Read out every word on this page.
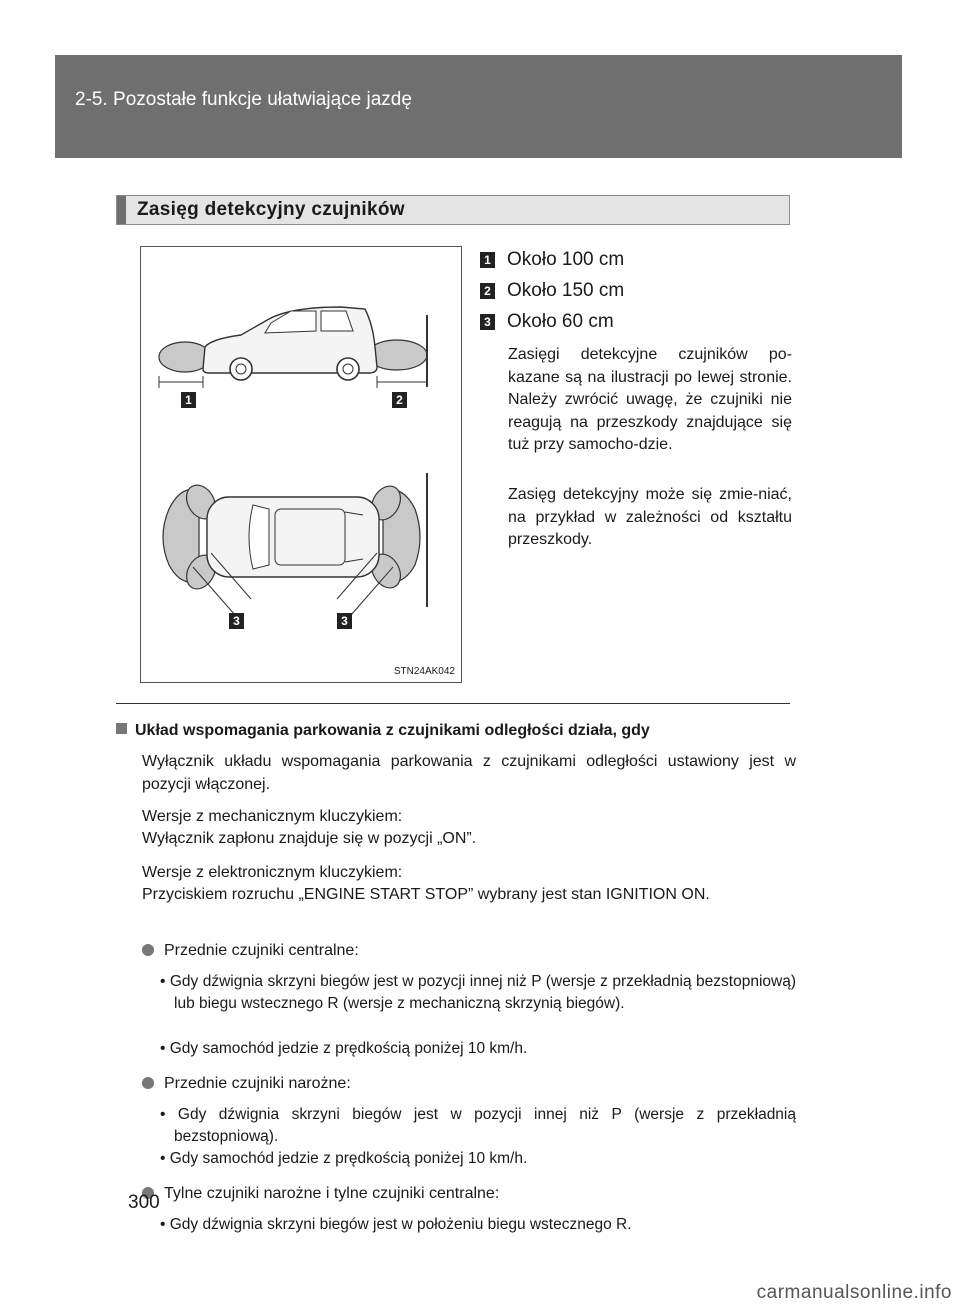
2-5. Pozostałe funkcje ułatwiające jazdę
Zasięg detekcyjny czujników
1	2
3	3
STN24AK042
1 Około 100 cm
2 Około 150 cm
3 Około 60 cm
Zasięgi detekcyjne czujników po-kazane są na ilustracji po lewej stronie. Należy zwrócić uwagę, że czujniki nie reagują na przeszkody znajdujące się tuż przy samocho-dzie.
Zasięg detekcyjny może się zmie-niać, na przykład w zależności od kształtu przeszkody.
Układ wspomagania parkowania z czujnikami odległości działa, gdy
Wyłącznik układu wspomagania parkowania z czujnikami odległości ustawiony jest w pozycji włączonej.
Wersje z mechanicznym kluczykiem:
Wyłącznik zapłonu znajduje się w pozycji „ON”.
Wersje z elektronicznym kluczykiem:
Przyciskiem rozruchu „ENGINE START STOP” wybrany jest stan IGNITION ON.
Przednie czujniki centralne:
• Gdy dźwignia skrzyni biegów jest w pozycji innej niż P (wersje z przekładnią bezstopniową) lub biegu wstecznego R (wersje z mechaniczną skrzynią biegów).
• Gdy samochód jedzie z prędkością poniżej 10 km/h.
Przednie czujniki narożne:
• Gdy dźwignia skrzyni biegów jest w pozycji innej niż P (wersje z przekładnią bezstopniową).
• Gdy samochód jedzie z prędkością poniżej 10 km/h.
Tylne czujniki narożne i tylne czujniki centralne:
• Gdy dźwignia skrzyni biegów jest w położeniu biegu wstecznego R.
300
carmanualsonline.info
